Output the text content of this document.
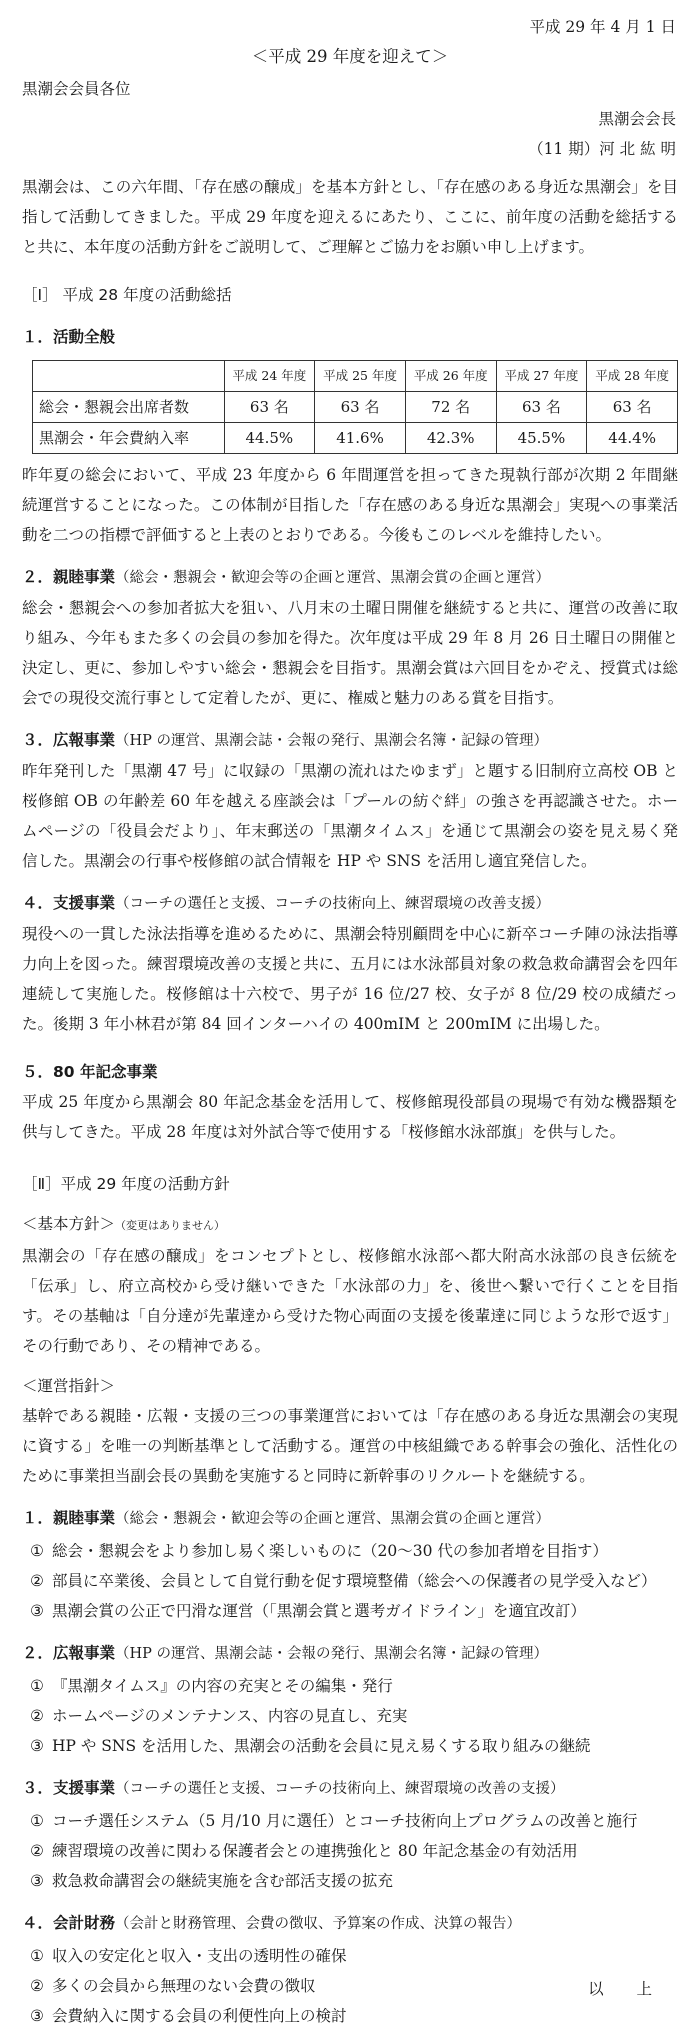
平成 29 年 4 月 1 日
＜平成 29 年度を迎えて＞
黒潮会会員各位
黒潮会会長
（11 期）河 北 紘 明

黒潮会は、この六年間、「存在感の醸成」を基本方針とし、「存在感のある身近な黒潮会」を目指して活動してきました。平成 29 年度を迎えるにあたり、ここに、前年度の活動を総括すると共に、本年度の活動方針をご説明して、ご理解とご協力をお願い申し上げます。

［Ⅰ］ 平成 28 年度の活動総括
１．活動全般
	平成 24 年度	平成 25 年度	平成 26 年度	平成 27 年度	平成 28 年度
総会・懇親会出席者数	63 名	63 名	72 名	63 名	63 名
黒潮会・年会費納入率	44.5%	41.6%	42.3%	45.5%	44.4%

昨年夏の総会において、平成 23 年度から 6 年間運営を担ってきた現執行部が次期 2 年間継続運営することになった。この体制が目指した「存在感のある身近な黒潮会」実現への事業活動を二つの指標で評価すると上表のとおりである。今後もこのレベルを維持したい。

２．親睦事業（総会・懇親会・歓迎会等の企画と運営、黒潮会賞の企画と運営）

総会・懇親会への参加者拡大を狙い、八月末の土曜日開催を継続すると共に、運営の改善に取り組み、今年もまた多くの会員の参加を得た。次年度は平成 29 年 8 月 26 日土曜日の開催と決定し、更に、参加しやすい総会・懇親会を目指す。黒潮会賞は六回目をかぞえ、授賞式は総会での現役交流行事として定着したが、更に、権威と魅力のある賞を目指す。

３．広報事業（HP の運営、黒潮会誌・会報の発行、黒潮会名簿・記録の管理）

昨年発刊した「黒潮 47 号」に収録の「黒潮の流れはたゆまず」と題する旧制府立高校 OB と桜修館 OB の年齢差 60 年を越える座談会は「プールの紡ぐ絆」の強さを再認識させた。ホームページの「役員会だより」、年末郵送の「黒潮タイムス」を通じて黒潮会の姿を見え易く発信した。黒潮会の行事や桜修館の試合情報を HP や SNS を活用し適宜発信した。

４．支援事業（コーチの選任と支援、コーチの技術向上、練習環境の改善支援）

現役への一貫した泳法指導を進めるために、黒潮会特別顧問を中心に新卒コーチ陣の泳法指導力向上を図った。練習環境改善の支援と共に、五月には水泳部員対象の救急救命講習会を四年連続して実施した。桜修館は十六校で、男子が 16 位/27 校、女子が 8 位/29 校の成績だった。後期 3 年小林君が第 84 回インターハイの 400mIM と 200mIM に出場した。

５．80 年記念事業

平成 25 年度から黒潮会 80 年記念基金を活用して、桜修館現役部員の現場で有効な機器類を供与してきた。平成 28 年度は対外試合等で使用する「桜修館水泳部旗」を供与した。

［Ⅱ］平成 29 年度の活動方針
＜基本方針＞（変更はありません）

黒潮会の「存在感の醸成」をコンセプトとし、桜修館水泳部へ都大附高水泳部の良き伝統を「伝承」し、府立高校から受け継いできた「水泳部の力」を、後世へ繋いで行くことを目指す。その基軸は「自分達が先輩達から受けた物心両面の支援を後輩達に同じような形で返す」その行動であり、その精神である。

＜運営指針＞

基幹である親睦・広報・支援の三つの事業運営においては「存在感のある身近な黒潮会の実現に資する」を唯一の判断基準として活動する。運営の中核組織である幹事会の強化、活性化のために事業担当副会長の異動を実施すると同時に新幹事のリクルートを継続する。

１．親睦事業（総会・懇親会・歓迎会等の企画と運営、黒潮会賞の企画と運営）
① 総会・懇親会をより参加し易く楽しいものに（20～30 代の参加者増を目指す）
② 部員に卒業後、会員として自覚行動を促す環境整備（総会への保護者の見学受入など）
③ 黒潮会賞の公正で円滑な運営（「黒潮会賞と選考ガイドライン」を適宜改訂）
２．広報事業（HP の運営、黒潮会誌・会報の発行、黒潮会名簿・記録の管理）
① 『黒潮タイムス』の内容の充実とその編集・発行
② ホームページのメンテナンス、内容の見直し、充実
③ HP や SNS を活用した、黒潮会の活動を会員に見え易くする取り組みの継続
３．支援事業（コーチの選任と支援、コーチの技術向上、練習環境の改善の支援）
① コーチ選任システム（5 月/10 月に選任）とコーチ技術向上プログラムの改善と施行
② 練習環境の改善に関わる保護者会との連携強化と 80 年記念基金の有効活用
③ 救急救命講習会の継続実施を含む部活支援の拡充
４．会計財務（会計と財務管理、会費の徴収、予算案の作成、決算の報告）
① 収入の安定化と収入・支出の透明性の確保
② 多くの会員から無理のない会費の徴収
③ 会費納入に関する会員の利便性向上の検討
以 上
